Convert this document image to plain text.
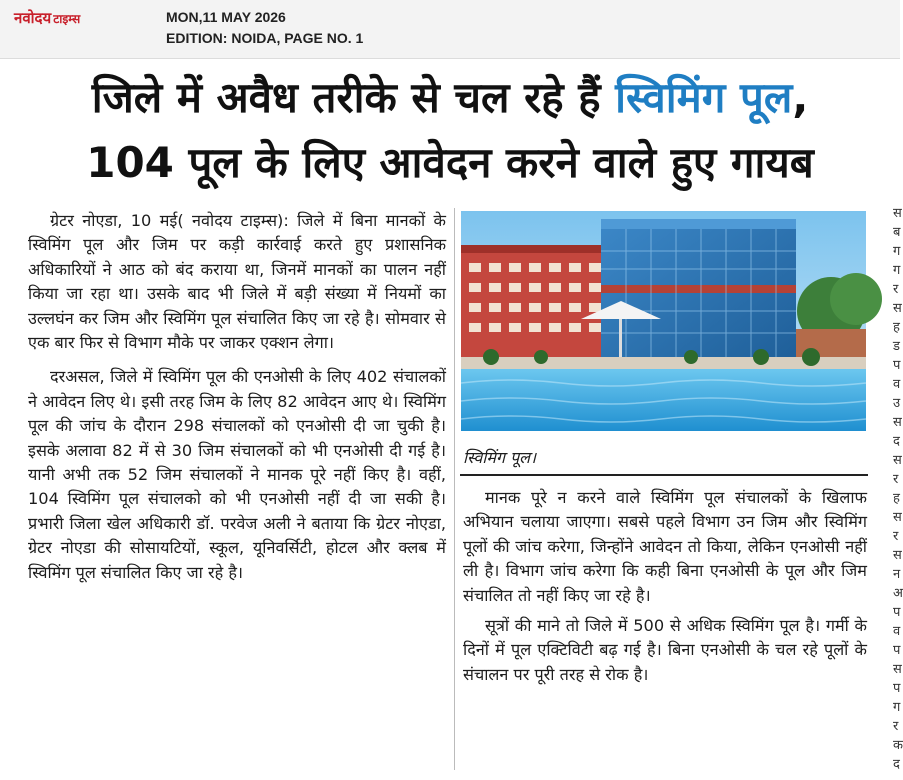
नवोदय टाइम्स	MON,11 MAY 2026
EDITION: NOIDA, PAGE NO. 1
जिले में अवैध तरीके से चल रहे हैं स्विमिंग पूल,
104 पूल के लिए आवेदन करने वाले हुए गायब

ग्रेटर नोएडा, 10 मई( नवोदय टाइम्स): जिले में बिना मानकों के स्विमिंग पूल और जिम पर कड़ी कार्रवाई करते हुए प्रशासनिक अधिकारियों ने आठ को बंद कराया था, जिनमें मानकों का पालन नहीं किया जा रहा था। उसके बाद भी जिले में बड़ी संख्या में नियमों का उल्लघंन कर जिम और स्विमिंग पूल संचालित किए जा रहे है। सोमवार से एक बार फिर से विभाग मौके पर जाकर एक्शन लेगा।

दरअसल, जिले में स्विमिंग पूल की एनओसी के लिए 402 संचालकों ने आवेदन लिए थे। इसी तरह जिम के लिए 82 आवेदन आए थे। स्विमिंग पूल की जांच के दौरान 298 संचालकों को एनओसी दी जा चुकी है। इसके अलावा 82 में से 30 जिम संचालकों को भी एनओसी दी गई है। यानी अभी तक 52 जिम संचालकों ने मानक पूरे नहीं किए है। वहीं, 104 स्विमिंग पूल संचालको को भी एनओसी नहीं दी जा सकी है। प्रभारी जिला खेल अधिकारी डॉ. परवेज अली ने बताया कि ग्रेटर नोएडा, ग्रेटर नोएडा की सोसायटियों, स्कूल, यूनिवर्सिटी, होटल और क्लब में स्विमिंग पूल संचालित किए जा रहे है।

स्विमिंग पूल।

मानक पूरे न करने वाले स्विमिंग पूल संचालकों के खिलाफ अभियान चलाया जाएगा। सबसे पहले विभाग उन जिम और स्विमिंग पूलों की जांच करेगा, जिन्होंने आवेदन तो किया, लेकिन एनओसी नहीं ली है। विभाग जांच करेगा कि कही बिना एनओसी के पूल और जिम संचालित तो नहीं किए जा रहे है।

सूत्रों की माने तो जिले में 500 से अधिक स्विमिंग पूल है। गर्मी के दिनों में पूल एक्टिविटी बढ़ गई है। बिना एनओसी के चल रहे पूलों के संचालन पर पूरी तरह से रोक है।

स
ब
ग
ग
र
स
ह
ड
प
व
उ
स
द
स
र
ह
स
र
स
न
अ
प
व
प
स
प
ग
र
क
द
